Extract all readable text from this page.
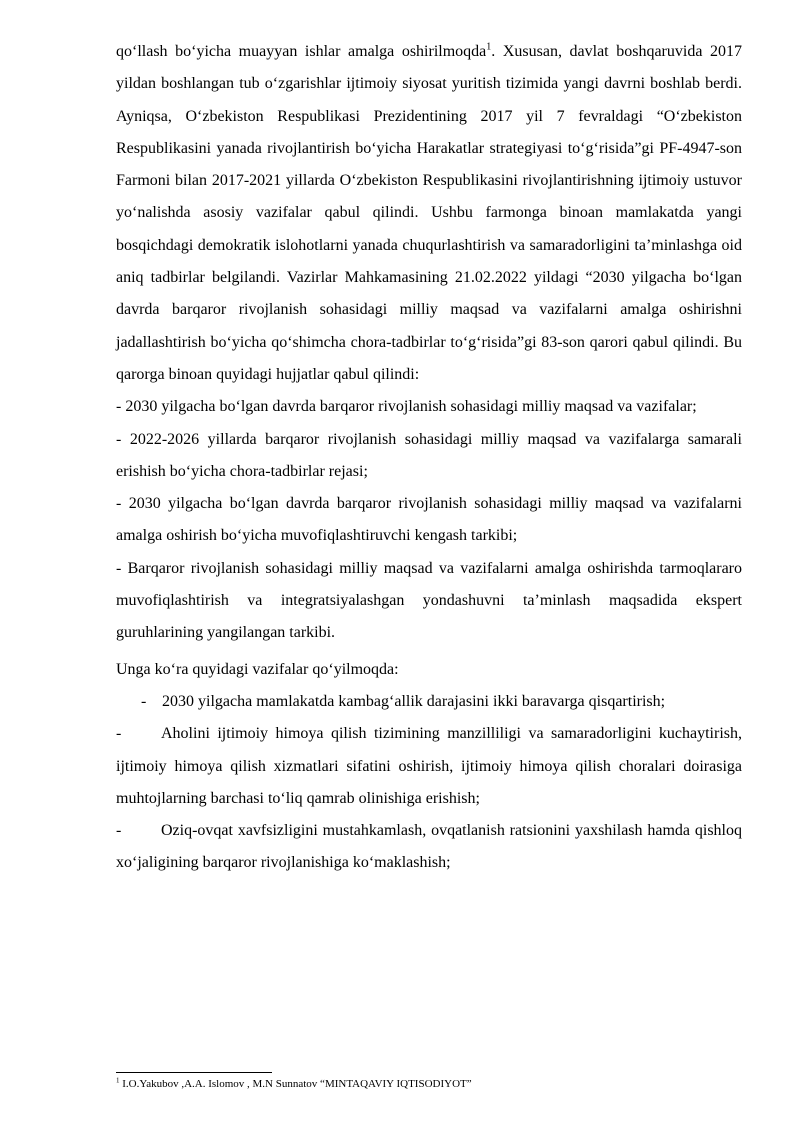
qo‘llash bo‘yicha muayyan ishlar amalga oshirilmoqda$^1$. Xususan, davlat boshqaruvida 2017 yildan boshlangan tub o‘zgarishlar ijtimoiy siyosat yuritish tizimida yangi davrni boshlab berdi. Ayniqsa, O‘zbekiston Respublikasi Prezidentining 2017 yil 7 fevraldagi “O‘zbekiston Respublikasini yanada rivojlantirish bo‘yicha Harakatlar strategiyasi to‘g‘risida”gi PF-4947-son Farmoni bilan 2017-2021 yillarda O‘zbekiston Respublikasini rivojlantirishning ijtimoiy ustuvor yo‘nalishda asosiy vazifalar qabul qilindi. Ushbu farmonga binoan mamlakatda yangi bosqichdagi demokratik islohotlarni yanada chuqurlashtirish va samaradorligini ta’minlashga oid aniq tadbirlar belgilandi. Vazirlar Mahkamasining 21.02.2022 yildagi “2030 yilgacha bo‘lgan davrda barqaror rivojlanish sohasidagi milliy maqsad va vazifalarni amalga oshirishni jadallashtirish bo‘yicha qo‘shimcha chora-tadbirlar to‘g‘risida”gi 83-son qarori qabul qilindi. Bu qarorga binoan quyidagi hujjatlar qabul qilindi:

- 2030 yilgacha bo‘lgan davrda barqaror rivojlanish sohasidagi milliy maqsad va vazifalar;

- 2022-2026 yillarda barqaror rivojlanish sohasidagi milliy maqsad va vazifalarga samarali erishish bo‘yicha chora-tadbirlar rejasi;

- 2030 yilgacha bo‘lgan davrda barqaror rivojlanish sohasidagi milliy maqsad va vazifalarni amalga oshirish bo‘yicha muvofiqlashtiruvchi kengash tarkibi;

- Barqaror rivojlanish sohasidagi milliy maqsad va vazifalarni amalga oshirishda tarmoqlararo muvofiqlashtirish va integratsiyalashgan yondashuvni ta’minlash maqsadida ekspert guruhlarining yangilangan tarkibi.

Unga ko‘ra quyidagi vazifalar qo‘yilmoqda:

- 2030 yilgacha mamlakatda kambag‘allik darajasini ikki baravarga qisqartirish;
- Aholini ijtimoiy himoya qilish tizimining manzilliligi va samaradorligini kuchaytirish, ijtimoiy himoya qilish xizmatlari sifatini oshirish, ijtimoiy himoya qilish choralari doirasiga muhtojlarning barchasi to‘liq qamrab olinishiga erishish;
- Oziq-ovqat xavfsizligini mustahkamlash, ovqatlanish ratsionini yaxshilash hamda qishloq xo‘jaligining barqaror rivojlanishiga ko‘maklashish;
$^1$ I.O.Yakubov ,A.A. Islomov , M.N Sunnatov “MINTAQAVIY IQTISODIYOT”
